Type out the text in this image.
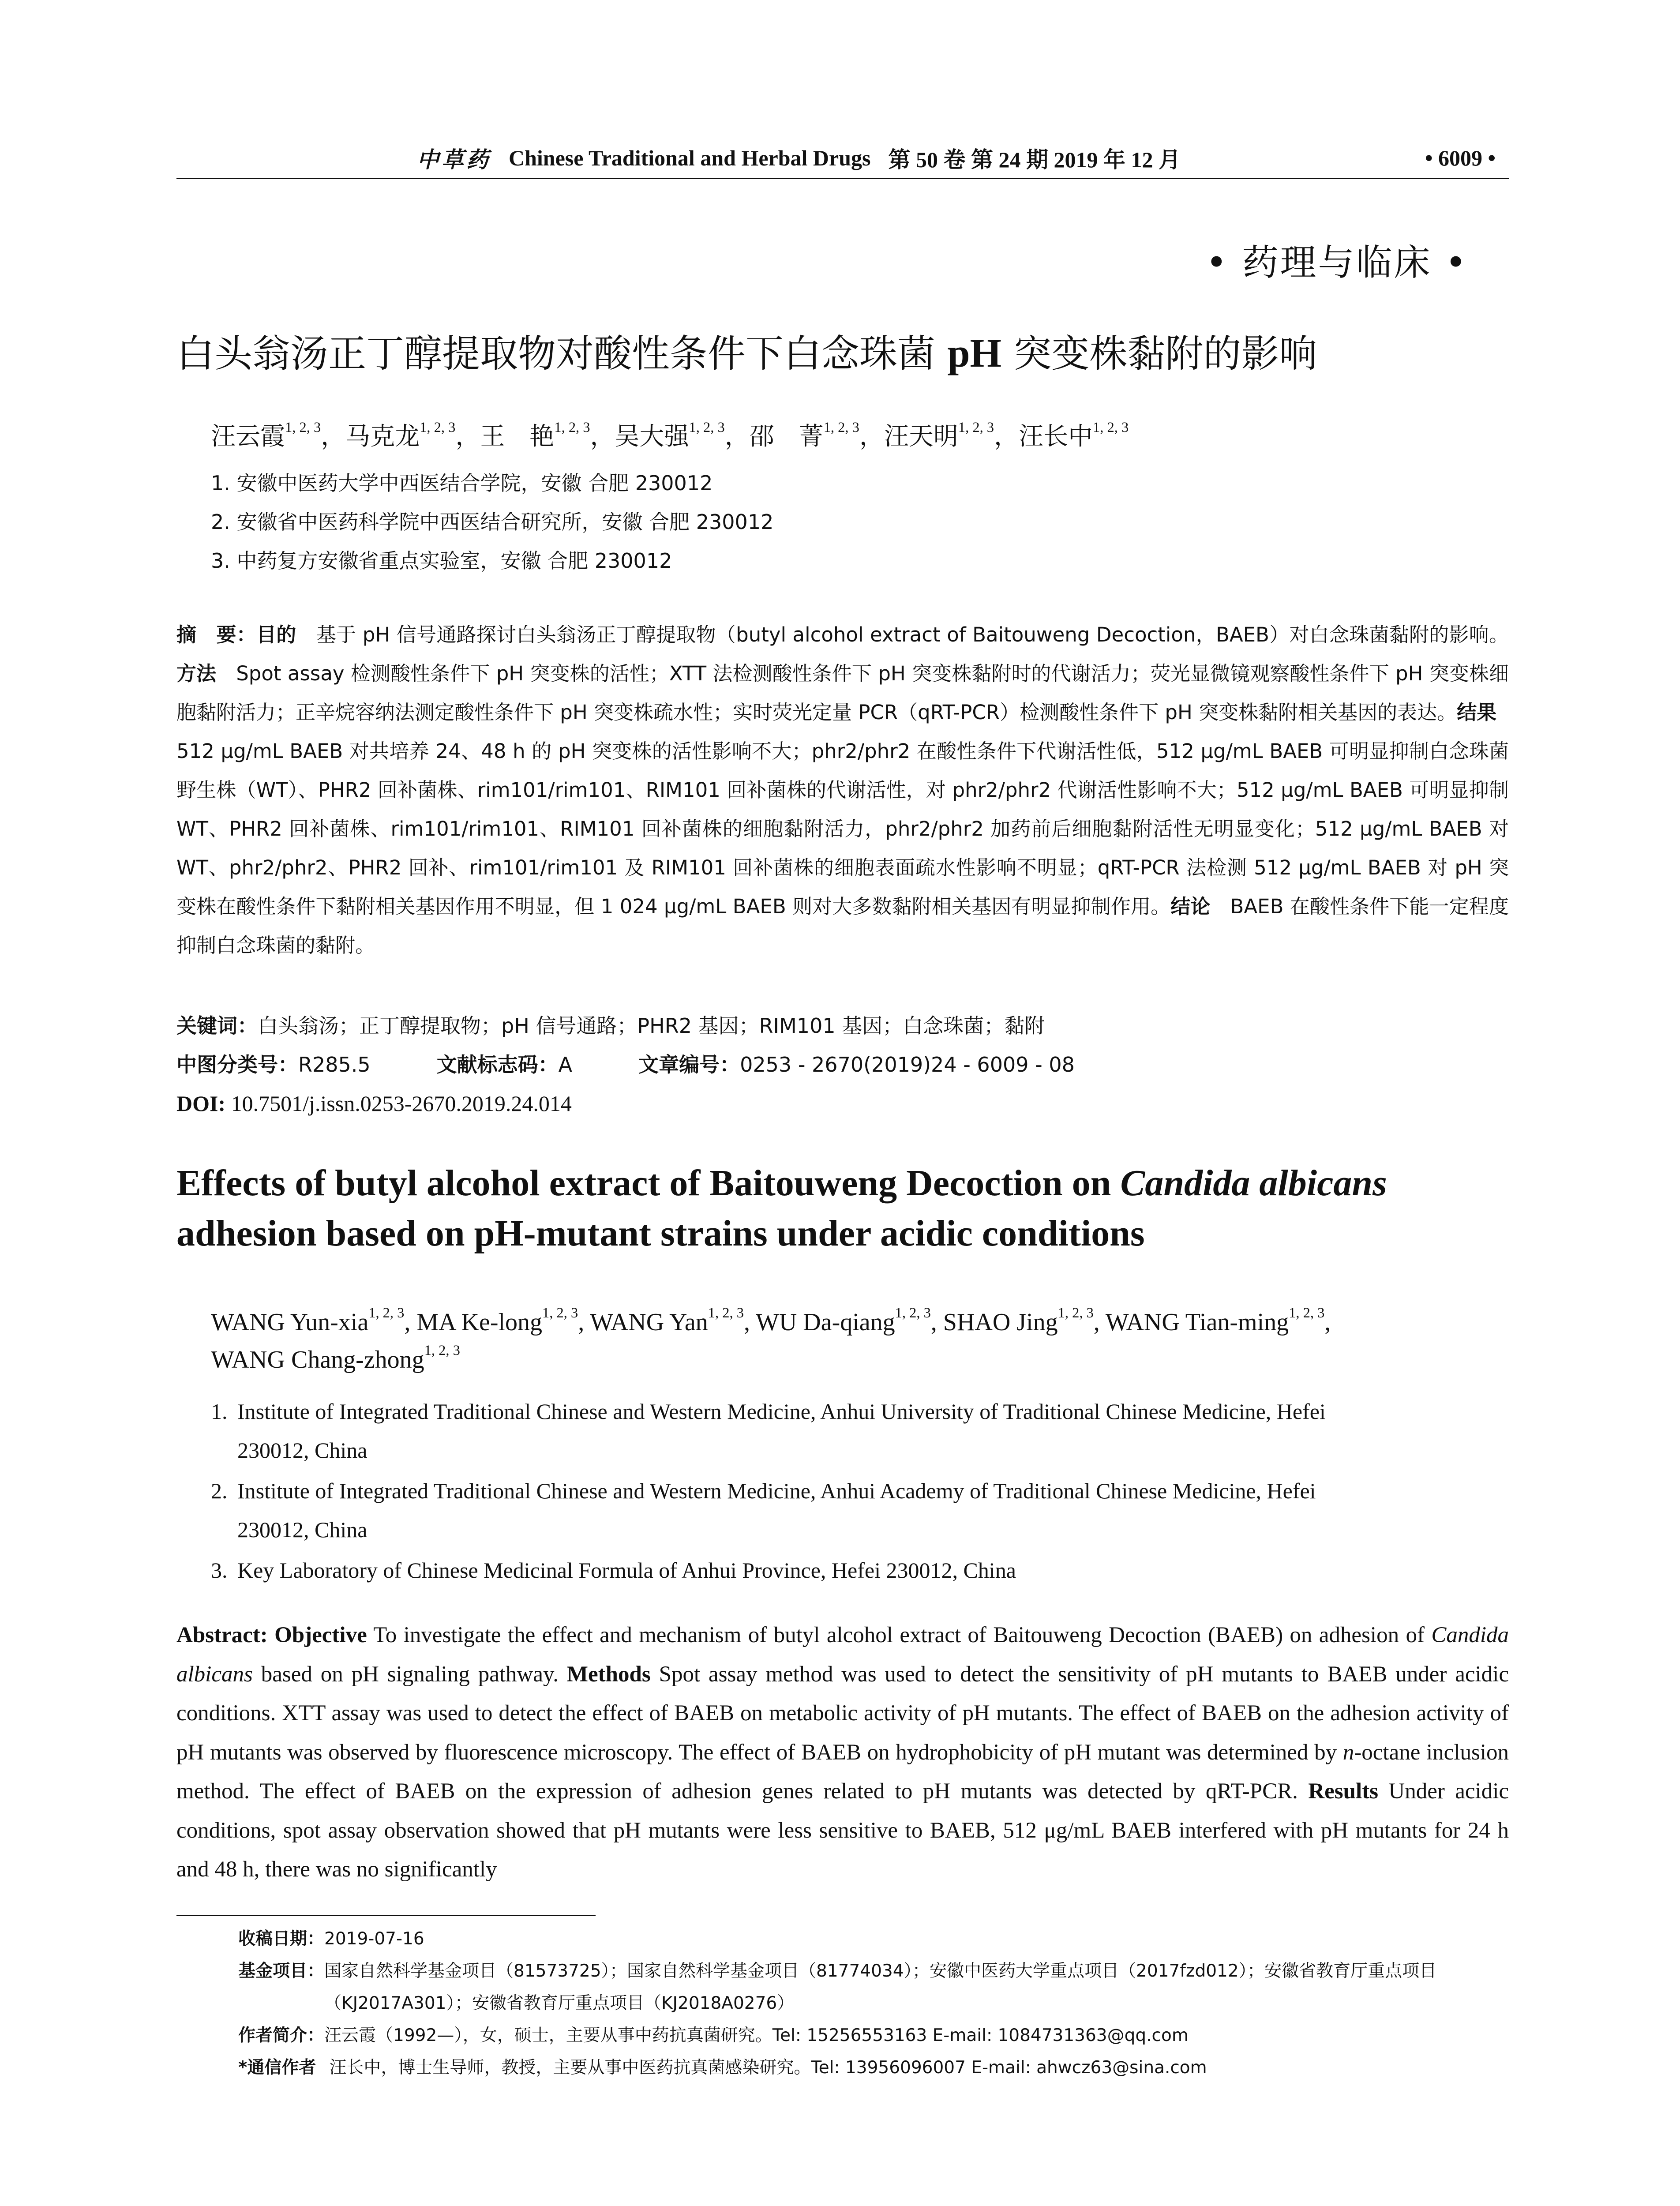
中草药 Chinese Traditional and Herbal Drugs 第 50 卷 第 24 期 2019 年 12 月	• 6009 •
• 药理与临床 •
白头翁汤正丁醇提取物对酸性条件下白念珠菌 pH 突变株黏附的影响
汪云霞$^{1, 2, 3}$，马克龙$^{1, 2, 3}$，王　艳$^{1, 2, 3}$，吴大强$^{1, 2, 3}$，邵　菁$^{1, 2, 3}$，汪天明$^{1, 2, 3}$，汪长中$^{1, 2, 3}$
1. 安徽中医药大学中西医结合学院，安徽 合肥 230012
2. 安徽省中医药科学院中西医结合研究所，安徽 合肥 230012
3. 中药复方安徽省重点实验室，安徽 合肥 230012
摘　要：目的　基于 pH 信号通路探讨白头翁汤正丁醇提取物（butyl alcohol extract of Baitouweng Decoction，BAEB）对白念珠菌黏附的影响。方法　Spot assay 检测酸性条件下 pH 突变株的活性；XTT 法检测酸性条件下 pH 突变株黏附时的代谢活力；荧光显微镜观察酸性条件下 pH 突变株细胞黏附活力；正辛烷容纳法测定酸性条件下 pH 突变株疏水性；实时荧光定量 PCR（qRT-PCR）检测酸性条件下 pH 突变株黏附相关基因的表达。结果　512 μg/mL BAEB 对共培养 24、48 h 的 pH 突变株的活性影响不大；phr2/phr2 在酸性条件下代谢活性低，512 μg/mL BAEB 可明显抑制白念珠菌野生株（WT）、PHR2 回补菌株、rim101/rim101、RIM101 回补菌株的代谢活性，对 phr2/phr2 代谢活性影响不大；512 μg/mL BAEB 可明显抑制 WT、PHR2 回补菌株、rim101/rim101、RIM101 回补菌株的细胞黏附活力，phr2/phr2 加药前后细胞黏附活性无明显变化；512 μg/mL BAEB 对 WT、phr2/phr2、PHR2 回补、rim101/rim101 及 RIM101 回补菌株的细胞表面疏水性影响不明显；qRT-PCR 法检测 512 μg/mL BAEB 对 pH 突变株在酸性条件下黏附相关基因作用不明显，但 1 024 μg/mL BAEB 则对大多数黏附相关基因有明显抑制作用。结论　BAEB 在酸性条件下能一定程度抑制白念珠菌的黏附。
关键词：白头翁汤；正丁醇提取物；pH 信号通路；PHR2 基因；RIM101 基因；白念珠菌；黏附
中图分类号：R285.5	文献标志码：A	文章编号：0253 - 2670(2019)24 - 6009 - 08
DOI: 10.7501/j.issn.0253-2670.2019.24.014
Effects of butyl alcohol extract of Baitouweng Decoction on Candida albicans
adhesion based on pH-mutant strains under acidic conditions
WANG Yun-xia$^{1, 2, 3}$, MA Ke-long$^{1, 2, 3}$, WANG Yan$^{1, 2, 3}$, WU Da-qiang$^{1, 2, 3}$, SHAO Jing$^{1, 2, 3}$, WANG Tian-ming$^{1, 2, 3}$,
WANG Chang-zhong$^{1, 2, 3}$
1. Institute of Integrated Traditional Chinese and Western Medicine, Anhui University of Traditional Chinese Medicine, Hefei
230012, China
2. Institute of Integrated Traditional Chinese and Western Medicine, Anhui Academy of Traditional Chinese Medicine, Hefei
230012, China
3. Key Laboratory of Chinese Medicinal Formula of Anhui Province, Hefei 230012, China
Abstract: Objective To investigate the effect and mechanism of butyl alcohol extract of Baitouweng Decoction (BAEB) on adhesion of Candida albicans based on pH signaling pathway. Methods Spot assay method was used to detect the sensitivity of pH mutants to BAEB under acidic conditions. XTT assay was used to detect the effect of BAEB on metabolic activity of pH mutants. The effect of BAEB on the adhesion activity of pH mutants was observed by fluorescence microscopy. The effect of BAEB on hydrophobicity of pH mutant was determined by n-octane inclusion method. The effect of BAEB on the expression of adhesion genes related to pH mutants was detected by qRT-PCR. Results Under acidic conditions, spot assay observation showed that pH mutants were less sensitive to BAEB, 512 μg/mL BAEB interfered with pH mutants for 24 h and 48 h, there was no significantly
收稿日期： 2019-07-16
基金项目： 国家自然科学基金项目（81573725）；国家自然科学基金项目（81774034）；安徽中医药大学重点项目（2017fzd012）；安徽省教育厅重点项目（KJ2017A301）；安徽省教育厅重点项目（KJ2018A0276）
作者简介： 汪云霞（1992—），女，硕士，主要从事中药抗真菌研究。Tel: 15256553163 E-mail: 1084731363@qq.com
*通信作者 汪长中，博士生导师，教授，主要从事中医药抗真菌感染研究。Tel: 13956096007 E-mail: ahwcz63@sina.com
